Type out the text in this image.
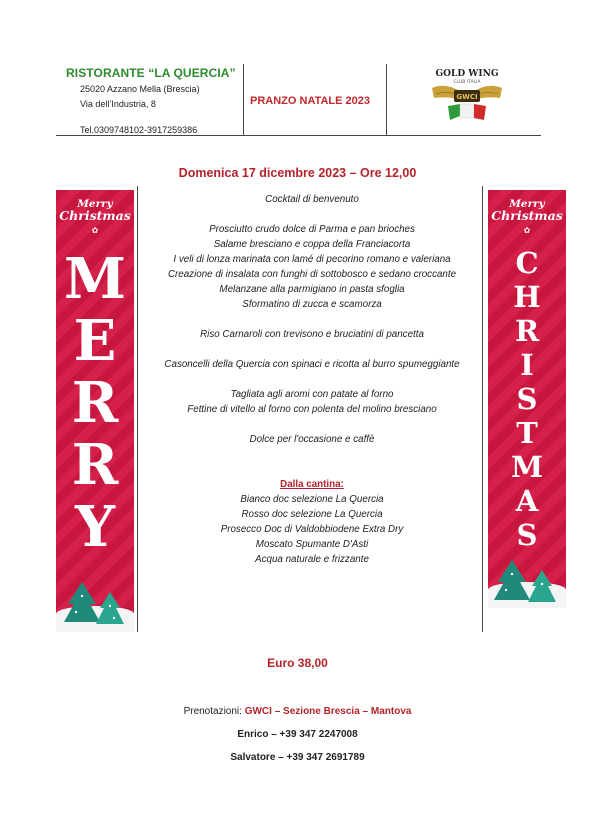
RISTORANTE “LA QUERCIA”
25020 Azzano Mella (Brescia)
Via dell’Industria, 8
Tel.0309748102-3917259386
PRANZO NATALE 2023
GOLD WING
CLUB ITALIA
GWCI
Domenica 17 dicembre 2023 – Ore 12,00
Cocktail di benvenuto
Prosciutto crudo dolce di Parma e pan brioches
Salame bresciano e coppa della Franciacorta
I veli di lonza marinata con lamé di pecorino romano e valeriana
Creazione di insalata con funghi di sottobosco e sedano croccante
Melanzane alla parmigiano in pasta sfoglia
Sformatino di zucca e scamorza
Riso Carnaroli con trevisono e bruciatini di pancetta
Casoncelli della Quercia con spinaci e ricotta al burro spumeggiante
Tagliata agli aromi con patate al forno
Fettine di vitello al forno con polenta del molino bresciano
Dolce per l'occasione e caffè
Dalla cantina:
Bianco doc selezione La Quercia
Rosso doc selezione La Quercia
Prosecco Doc di Valdobbiodene Extra Dry
Moscato Spumante D'Asti
Acqua naturale e frizzante
Merry
Christmas
✿
M
E
R
R
Y
Merry
Christmas
✿
C
H
R
I
S
T
M
A
S
Euro 38,00
Prenotazioni: GWCI – Sezione Brescia – Mantova
Enrico – +39 347 2247008
Salvatore – +39 347 2691789
